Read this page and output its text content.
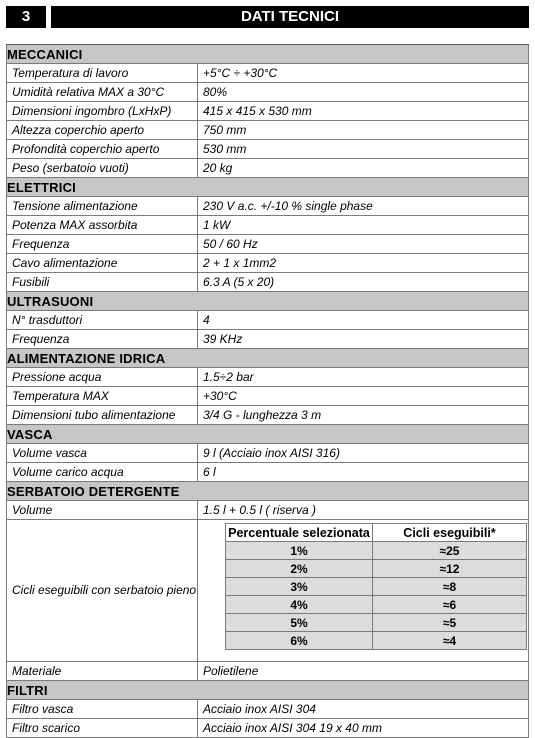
3	DATI TECNICI
MECCANICI
Temperatura di lavoro	+5°C ÷ +30°C
Umidità relativa MAX a 30°C	80%
Dimensioni ingombro (LxHxP)	415 x 415 x 530 mm
Altezza coperchio aperto	750 mm
Profondità coperchio aperto	530 mm
Peso (serbatoio vuoti)	20 kg
ELETTRICI
Tensione alimentazione	230 V a.c. +/-10 % single phase
Potenza MAX assorbita	1 kW
Frequenza	50 / 60 Hz
Cavo alimentazione	2 + 1 x 1mm2
Fusibili	6.3 A (5 x 20)
ULTRASUONI
N° trasduttori	4
Frequenza	39 KHz
ALIMENTAZIONE IDRICA
Pressione acqua	1.5÷2 bar
Temperatura MAX	+30°C
Dimensioni tubo alimentazione	3/4 G - lunghezza 3 m
VASCA
Volume vasca	9 l (Acciaio inox AISI 316)
Volume carico acqua	6 l
SERBATOIO DETERGENTE
Volume	1.5 l + 0.5 l ( riserva )
Cicli eseguibili con serbatoio pieno
Percentuale selezionata	Cicli eseguibili*
1%	≈25
2%	≈12
3%	≈8
4%	≈6
5%	≈5
6%	≈4
Materiale	Polietilene
FILTRI
Filtro vasca	Acciaio inox AISI 304
Filtro scarico	Acciaio inox AISI 304 19 x 40 mm
